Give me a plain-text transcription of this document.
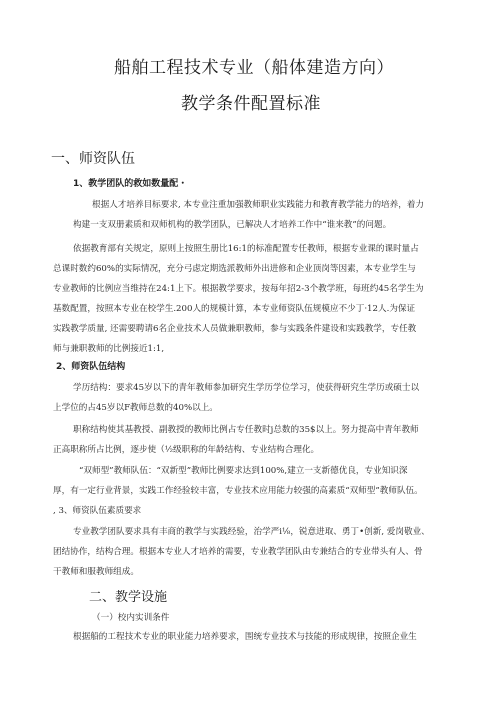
船舶工程技术专业（船体建造方向）
教学条件配置标准
一、师资队伍
1、教学团队的救如数量配・
根据人才培养目标要求, 本专业注重加强教师职业实践能力和教育教学能力的培养，着力
构建一支双册素质和双师机构的教学团队，已解决人才培养工作中“谁来教”的问题。
依据教育部有关规定，原则上按照生册比16:1的标准配置专任教师，根据专业课的课时量占
总课时数约60%的实际情况，充分弓虑定期选派教师外出进修和企业顶岗等因素，本专业学生与
专业教师的比例应当维持在24:1上下。根据教学要求，按每年招2-3个教学班，每班约45名学生为
基数配置，按照本专业在校学生.200人的规模计算，本专业师资队伍规模应不少丁·12人.为保证
实践教学质量, 还需要聘请6名企业技术人员做兼职教师，参与实践条件建设和实践教学，专任教
师与兼职教师的比例接近1:1,
2、师资队伍结构
学历结构：要求45岁以下的青年教师参加研究生学历学位学习，使获得研究生学历或硕士以
上学位的占45岁以F教师总数的40%以上。
职称结构使其基教授、副教授的教师比例占专任教时j总数的35$以上。努力提高中青年教师
正高职称所占比例，逐步使（½级职称的年龄结构、专业结构合理化。
“双师型”教师队伍：“双新型”教师比例要求达到100%,建立一支新德优良，专业知识深
厚，有一定行业背景，实践工作经验较丰富，专业技术应用能力较强的高素质“双师型”教师队伍。
, 3、师资队伍素质要求
专业教学团队要求具有丰商的教学与实践经验，治学严i⅛，锐意进取、勇丁•创新, 爱岗敬业、
团结协作，结构合理。根据本专业人才培养的需要，专业教学团队由专兼结合的专业带头有人、骨
干教师和服教师组成。
二、教学设施
（一）校内实训条件
根据船的工程技术专业的职业能力培养要求，围统专业技术与技能的形成规律，按照企业生
